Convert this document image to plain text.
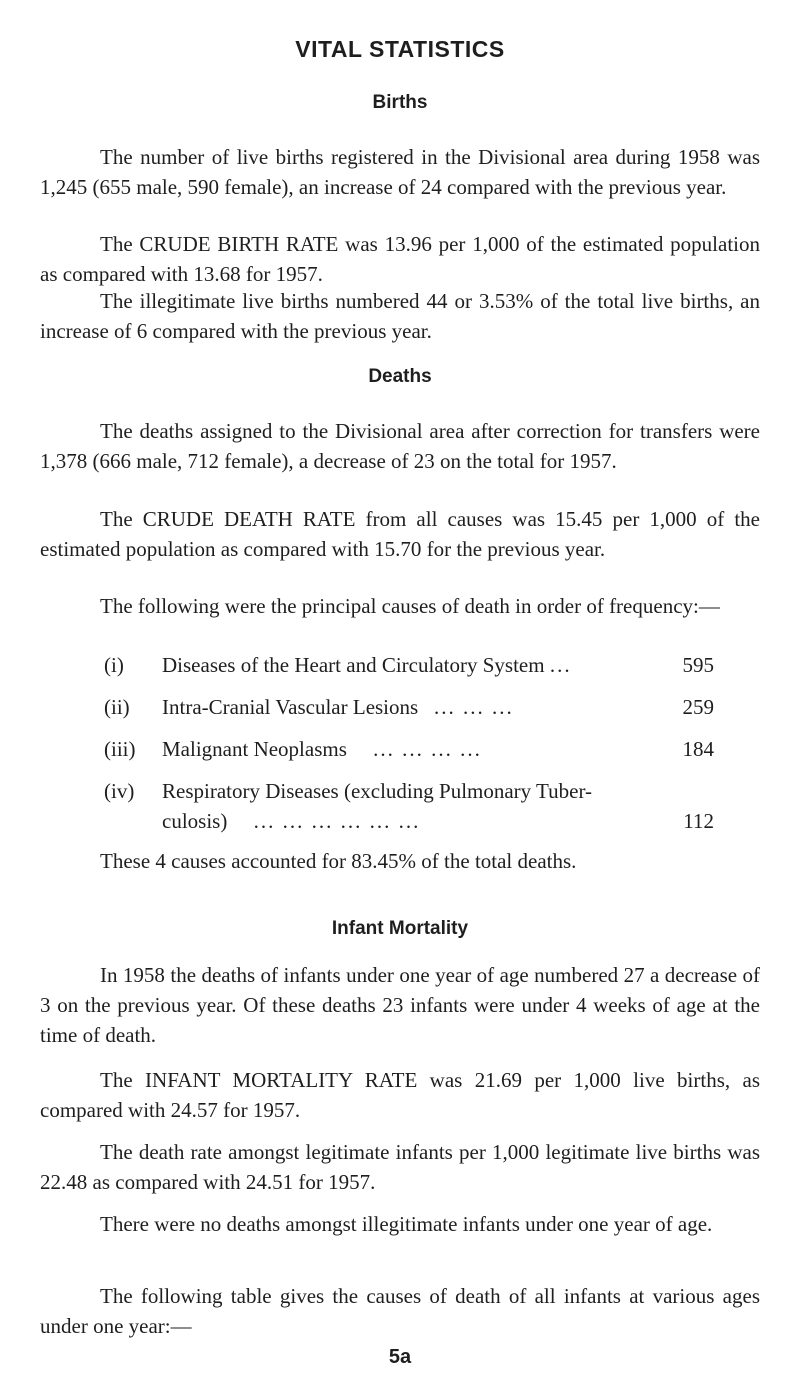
VITAL STATISTICS
Births

The number of live births registered in the Divisional area during 1958 was 1,245 (655 male, 590 female), an increase of 24 compared with the previous year.

The CRUDE BIRTH RATE was 13.96 per 1,000 of the estimated population as compared with 13.68 for 1957.

The illegitimate live births numbered 44 or 3.53% of the total live births, an increase of 6 compared with the previous year.

Deaths

The deaths assigned to the Divisional area after correction for transfers were 1,378 (666 male, 712 female), a decrease of 23 on the total for 1957.

The CRUDE DEATH RATE from all causes was 15.45 per 1,000 of the estimated population as compared with 15.70 for the previous year.

The following were the principal causes of death in order of frequency:—

(i) Diseases of the Heart and Circulatory System ...	595
(ii) Intra-Cranial Vascular Lesions ... ... ...	259
(iii) Malignant Neoplasms ... ... ... ...	184
(iv) Respiratory Diseases (excluding Pulmonary Tuber-
culosis) ... ... ... ... ... ...	112

These 4 causes accounted for 83.45% of the total deaths.

Infant Mortality

In 1958 the deaths of infants under one year of age numbered 27 a decrease of 3 on the previous year. Of these deaths 23 infants were under 4 weeks of age at the time of death.

The INFANT MORTALITY RATE was 21.69 per 1,000 live births, as compared with 24.57 for 1957.

The death rate amongst legitimate infants per 1,000 legitimate live births was 22.48 as compared with 24.51 for 1957.

There were no deaths amongst illegitimate infants under one year of age.

The following table gives the causes of death of all infants at various ages under one year:—

5a
